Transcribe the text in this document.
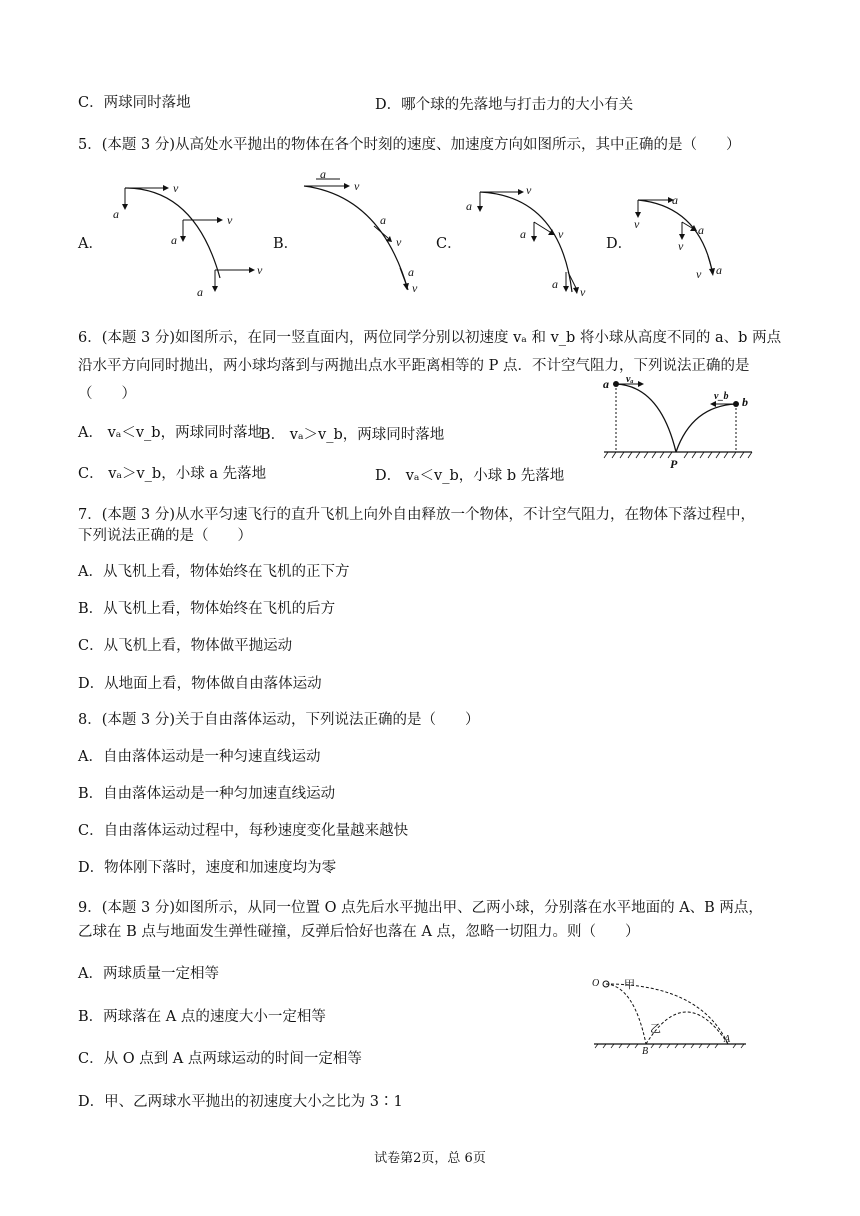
C．两球同时落地	D．哪个球的先落地与打击力的大小有关
5．(本题 3 分)从高处水平抛出的物体在各个时刻的速度、加速度方向如图所示，其中正确的是（　　）
A．
v
a	v
a
v
a
B．
a
v
a
v
a
v
C．
v
a
v
a
a
v
D．
a
v	a
v
a
v
6．(本题 3 分)如图所示，在同一竖直面内，两位同学分别以初速度 vₐ 和 v_b 将小球从高度不同的 a、b 两点
沿水平方向同时抛出，两小球均落到与两抛出点水平距离相等的 P 点．不计空气阻力，下列说法正确的是
（　　）
A． vₐ＜v_b，两球同时落地
B． vₐ＞v_b，两球同时落地
C． vₐ＞v_b，小球 a 先落地	D． vₐ＜v_b，小球 b 先落地
a vₐ
v_b b
P
7．(本题 3 分)从水平匀速飞行的直升飞机上向外自由释放一个物体，不计空气阻力，在物体下落过程中，
下列说法正确的是（　　）
A．从飞机上看，物体始终在飞机的正下方
B．从飞机上看，物体始终在飞机的后方
C．从飞机上看，物体做平抛运动
D．从地面上看，物体做自由落体运动
8．(本题 3 分)关于自由落体运动，下列说法正确的是（　　）
A．自由落体运动是一种匀速直线运动
B．自由落体运动是一种匀加速直线运动
C．自由落体运动过程中，每秒速度变化量越来越快
D．物体刚下落时，速度和加速度均为零
9．(本题 3 分)如图所示，从同一位置 O 点先后水平抛出甲、乙两小球，分别落在水平地面的 A、B 两点，
乙球在 B 点与地面发生弹性碰撞，反弹后恰好也落在 A 点，忽略一切阻力。则（　　）
A．两球质量一定相等
B．两球落在 A 点的速度大小一定相等
C．从 O 点到 A 点两球运动的时间一定相等
D．甲、乙两球水平抛出的初速度大小之比为 3∶1
O 甲
乙
B
A
试卷第2页，总 6页
